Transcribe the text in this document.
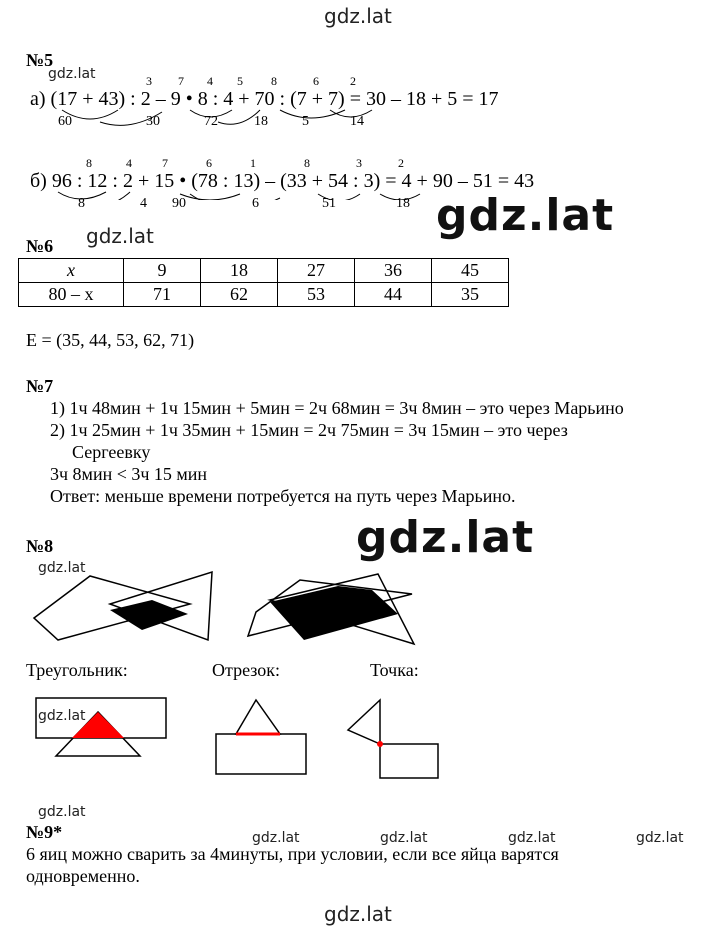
gdz.lat
gdz.lat
gdz.lat
gdz.lat
gdz.lat
gdz.lat
gdz.lat
gdz.lat
gdz.lat
gdz.lat	gdz.lat	gdz.lat	gdz.lat
№5
3 7 4 5 8	6	2
а) (17 + 43) : 2 – 9 • 8 : 4 + 70 : (7 + 7) = 30 – 18 + 5 = 17
60	30	72	18 5	14
8	4	7	6	1	8	3	2
б) 96 : 12 : 2 + 15 • (78 : 13) – (33 + 54 : 3) = 4 + 90 – 51 = 43
8	4 90	6	51	18
№6
x	9	18	27	36	45
80 – x	71	62	53	44	35
E = (35, 44, 53, 62, 71)
№7
1) 1ч 48мин + 1ч 15мин + 5мин = 2ч 68мин = 3ч 8мин – это через Марьино
2) 1ч 25мин + 1ч 35мин + 15мин = 2ч 75мин = 3ч 15мин – это через
Сергеевку
3ч 8мин < 3ч 15 мин
Ответ: меньше времени потребуется на путь через Марьино.
№8
Треугольник:	Отрезок:	Точка:
№9*
6 яиц можно сварить за 4минуты, при условии, если все яйца варятся
одновременно.
